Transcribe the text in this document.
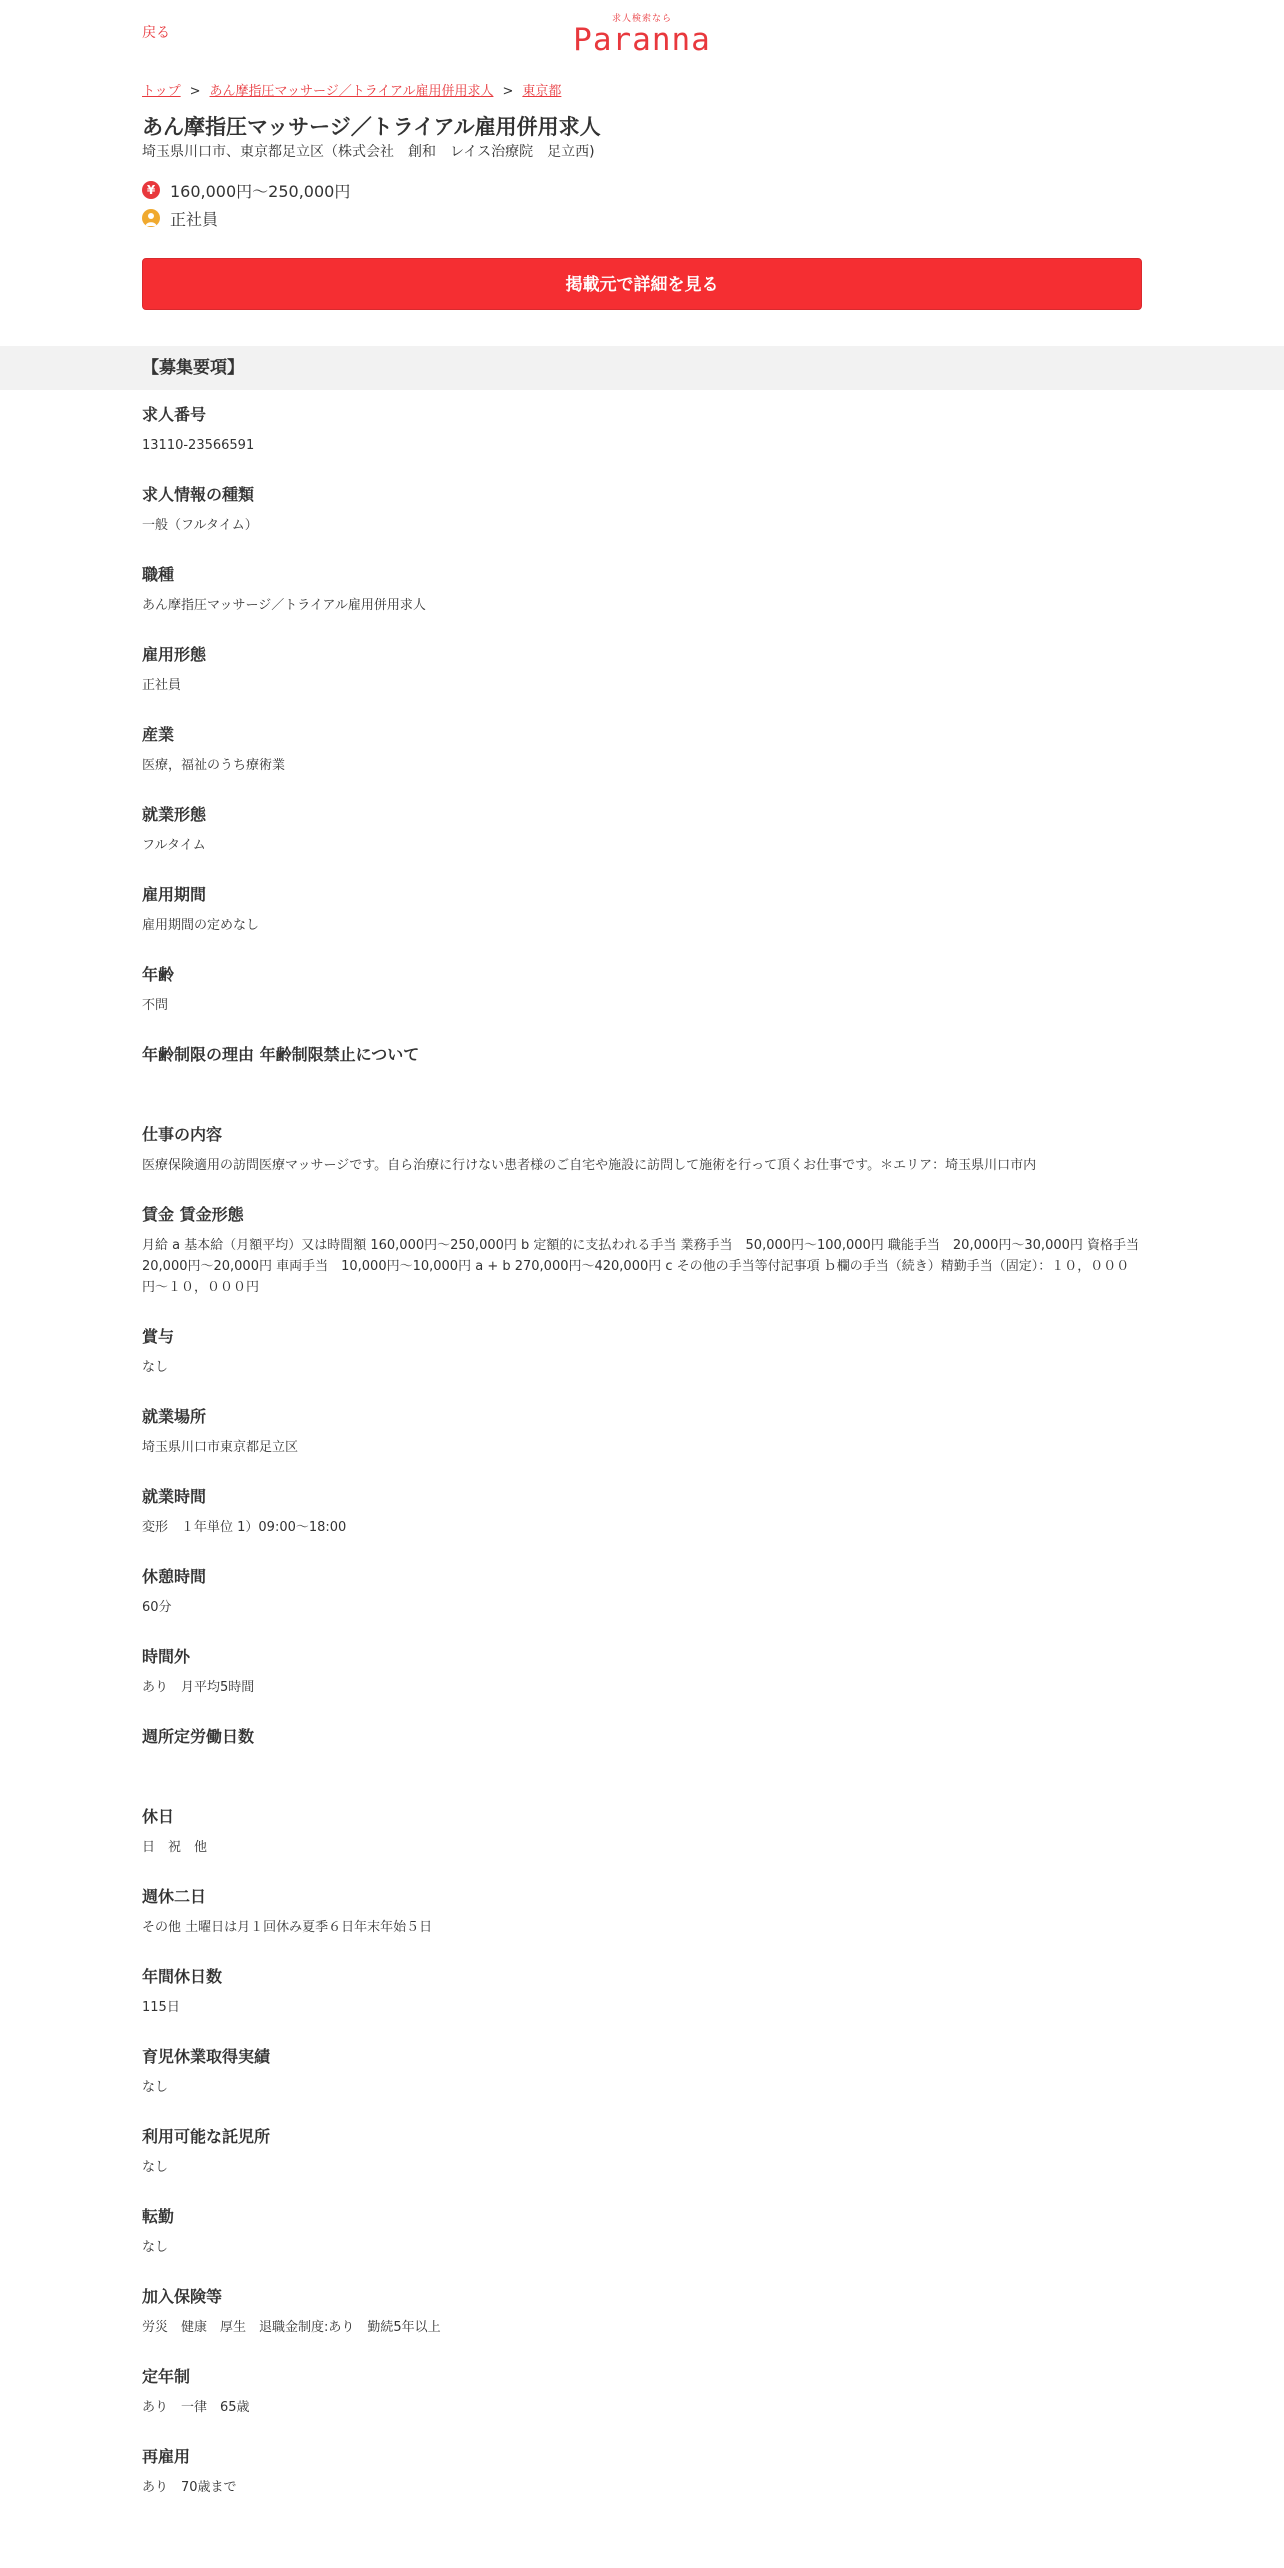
戻る
求人検索なら
Paranna
トップ > あん摩指圧マッサージ／トライアル雇用併用求人 > 東京都
あん摩指圧マッサージ／トライアル雇用併用求人
埼玉県川口市、東京都足立区（株式会社　創和　レイス治療院　足立西)
¥ 160,000円～250,000円
正社員
掲載元で詳細を見る
【募集要項】
求人番号
13110-23566591
求人情報の種類
一般（フルタイム）
職種
あん摩指圧マッサージ／トライアル雇用併用求人
雇用形態
正社員
産業
医療，福祉のうち療術業
就業形態
フルタイム
雇用期間
雇用期間の定めなし
年齢
不問
年齢制限の理由 年齢制限禁止について
仕事の内容
医療保険適用の訪問医療マッサージです。自ら治療に行けない患者様のご自宅や施設に訪問して施術を行って頂くお仕事です。＊エリア：埼玉県川口市内
賃金 賃金形態
月給 a 基本給（月額平均）又は時間額 160,000円～250,000円 b 定額的に支払われる手当 業務手当　50,000円～100,000円 職能手当　20,000円～30,000円 資格手当　20,000円～20,000円 車両手当　10,000円～10,000円 a + b 270,000円～420,000円 c その他の手当等付記事項 ｂ欄の手当（続き）精勤手当（固定）：１０，０００円～１０，０００円
賞与
なし
就業場所
埼玉県川口市東京都足立区
就業時間
変形　１年単位 1）09:00～18:00
休憩時間
60分
時間外
あり　月平均5時間
週所定労働日数
休日
日　祝　他
週休二日
その他 土曜日は月１回休み夏季６日年末年始５日
年間休日数
115日
育児休業取得実績
なし
利用可能な託児所
なし
転勤
なし
加入保険等
労災　健康　厚生　退職金制度:あり　勤続5年以上
定年制
あり　一律　65歳
再雇用
あり　70歳まで
